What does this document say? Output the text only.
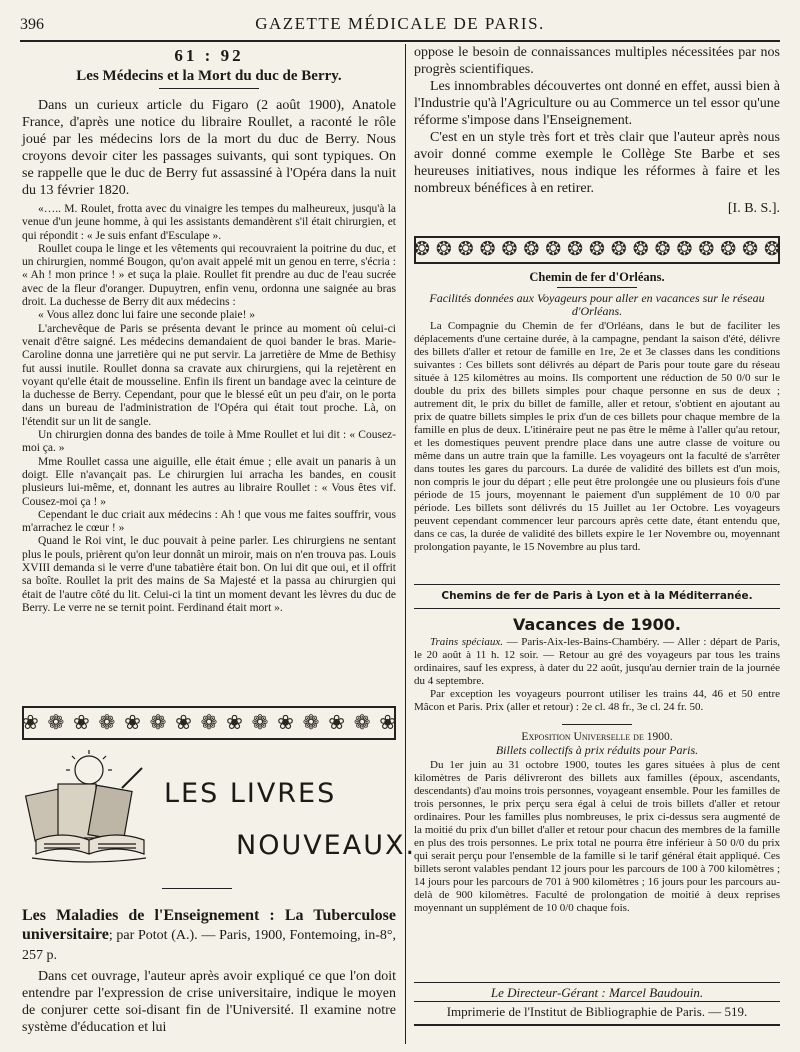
396	GAZETTE MÉDICALE DE PARIS.
61 : 92
Les Médecins et la Mort du duc de Berry.

Dans un curieux article du Figaro (2 août 1900), Anatole France, d'après une notice du libraire Roullet, a raconté le rôle joué par les médecins lors de la mort du duc de Berry. Nous croyons devoir citer les passages suivants, qui sont typiques. On se rappelle que le duc de Berry fut assassiné à l'Opéra dans la nuit du 13 février 1820.

«….. M. Roulet, frotta avec du vinaigre les tempes du malheureux, jusqu'à la venue d'un jeune homme, à qui les assistants demandèrent s'il était chirurgien, et qui répondit : « Je suis enfant d'Esculape ».

Roullet coupa le linge et les vêtements qui recouvraient la poitrine du duc, et un chirurgien, nommé Bougon, qu'on avait appelé mit un genou en terre, s'écria : « Ah ! mon prince ! » et suça la plaie. Roullet fit prendre au duc de l'eau sucrée avec de la fleur d'oranger. Dupuytren, enfin venu, ordonna une saignée au bras droit. La duchesse de Berry dit aux médecins :

« Vous allez donc lui faire une seconde plaie! »

L'archevêque de Paris se présenta devant le prince au moment où celui-ci venait d'être saigné. Les médecins demandaient de quoi bander le bras. Marie-Caroline donna une jarretière qui ne put servir. La jarretière de Mme de Bethisy fut aussi inutile. Roullet donna sa cravate aux chirurgiens, qui la rejetèrent en voyant qu'elle était de mousseline. Enfin ils firent un bandage avec la ceinture de la duchesse de Berry. Cependant, pour que le blessé eût un peu d'air, on le porta dans un bureau de l'administration de l'Opéra qui était tout proche. Là, on l'étendit sur un lit de sangle.

Un chirurgien donna des bandes de toile à Mme Roullet et lui dit : « Cousez-moi ça. »

Mme Roullet cassa une aiguille, elle était émue ; elle avait un panaris à un doigt. Elle n'avançait pas. Le chirurgien lui arracha les bandes, en cousit plusieurs lui-même, et, donnant les autres au libraire Roullet : « Vous êtes vif. Cousez-moi ça ! »

Cependant le duc criait aux médecins : Ah ! que vous me faites souffrir, vous m'arrachez le cœur ! »

Quand le Roi vint, le duc pouvait à peine parler. Les chirurgiens ne sentant plus le pouls, prièrent qu'on leur donnât un miroir, mais on n'en trouva pas. Louis XVIII demanda si le verre d'une tabatière était bon. On lui dit que oui, et il offrit sa boîte. Roullet la prit des mains de Sa Majesté et la passa au chirurgien qui était de l'autre côté du lit. Celui-ci la tint un moment devant les lèvres du duc de Berry. Le verre ne se ternit point. Ferdinand était mort ».

❀ ❁ ❀ ❁ ❀ ❁ ❀ ❁ ❀ ❁ ❀ ❁ ❀ ❁ ❀
LES LIVRES
NOUVEAUX.

Les Maladies de l'Enseignement : La Tuberculose universitaire; par Potot (A.). — Paris, 1900, Fontemoing, in-8°, 257 p.

Dans cet ouvrage, l'auteur après avoir expliqué ce que l'on doit entendre par l'expression de crise universitaire, indique le moyen de conjurer cette soi-disant fin de l'Université. Il examine notre système d'éducation et lui

oppose le besoin de connaissances multiples nécessitées par nos progrès scientifiques.

Les innombrables découvertes ont donné en effet, aussi bien à l'Industrie qu'à l'Agriculture ou au Commerce un tel essor qu'une réforme s'impose dans l'Enseignement.

C'est en un style très fort et très clair que l'auteur après nous avoir donné comme exemple le Collège Ste Barbe et ses heureuses initiatives, nous indique les réformes à faire et les nombreux bénéfices à en retirer.

[I. B. S.].
❂ ❂ ❂ ❂ ❂ ❂ ❂ ❂ ❂ ❂ ❂ ❂ ❂ ❂ ❂ ❂ ❂
Chemin de fer d'Orléans.
Facilités données aux Voyageurs pour aller en vacances sur le réseau d'Orléans.

La Compagnie du Chemin de fer d'Orléans, dans le but de faciliter les déplacements d'une certaine durée, à la campagne, pendant la saison d'été, délivre des billets d'aller et retour de famille en 1re, 2e et 3e classes dans les conditions suivantes : Ces billets sont délivrés au départ de Paris pour toute gare du réseau située à 125 kilomètres au moins. Ils comportent une réduction de 50 0/0 sur le double du prix des billets simples pour chaque personne en sus de deux ; autrement dit, le prix du billet de famille, aller et retour, s'obtient en ajoutant au prix de quatre billets simples le prix d'un de ces billets pour chaque membre de la famille en plus de deux. L'itinéraire peut ne pas être le même à l'aller qu'au retour, et les domestiques peuvent prendre place dans une autre classe de voiture ou même dans un autre train que la famille. Les voyageurs ont la faculté de s'arrêter dans toutes les gares du parcours. La durée de validité des billets est d'un mois, non compris le jour du départ ; elle peut être prolongée une ou plusieurs fois d'une période de 15 jours, moyennant le paiement d'un supplément de 10 0/0 par période. Les billets sont délivrés du 15 Juillet au 1er Octobre. Les voyageurs peuvent cependant commencer leur parcours après cette date, étant entendu que, dans ce cas, la durée de validité des billets expire le 1er Novembre ou, moyennant prolongation payante, le 15 Novembre au plus tard.

Chemins de fer de Paris à Lyon et à la Méditerranée.
Vacances de 1900.

Trains spéciaux. — Paris-Aix-les-Bains-Chambéry. — Aller : départ de Paris, le 20 août à 11 h. 12 soir. — Retour au gré des voyageurs par tous les trains ordinaires, sauf les express, à dater du 22 août, jusqu'au dernier train de la journée du 4 septembre.

Par exception les voyageurs pourront utiliser les trains 44, 46 et 50 entre Mâcon et Paris. Prix (aller et retour) : 2e cl. 48 fr., 3e cl. 24 fr. 50.

Exposition Universelle de 1900.
Billets collectifs à prix réduits pour Paris.

Du 1er juin au 31 octobre 1900, toutes les gares situées à plus de cent kilomètres de Paris délivreront des billets aux familles (époux, ascendants, descendants) d'au moins trois personnes, voyageant ensemble. Pour les familles de trois personnes, le prix perçu sera égal à celui de trois billets d'aller et retour ordinaires. Pour les familles plus nombreuses, le prix ci-dessus sera augmenté de la moitié du prix d'un billet d'aller et retour pour chacun des membres de la famille en plus des trois personnes. Le prix total ne pourra être inférieur à 50 0/0 du prix qui serait perçu pour l'ensemble de la famille si le tarif général était appliqué. Ces billets seront valables pendant 12 jours pour les parcours de 100 à 700 kilomètres ; 14 jours pour les parcours de 701 à 900 kilomètres ; 16 jours pour les parcours au-delà de 900 kilomètres. Faculté de prolongation de moitié à deux reprises moyennant un supplément de 10 0/0 chaque fois.

Le Directeur-Gérant : Marcel Baudouin.
Imprimerie de l'Institut de Bibliographie de Paris. — 519.
